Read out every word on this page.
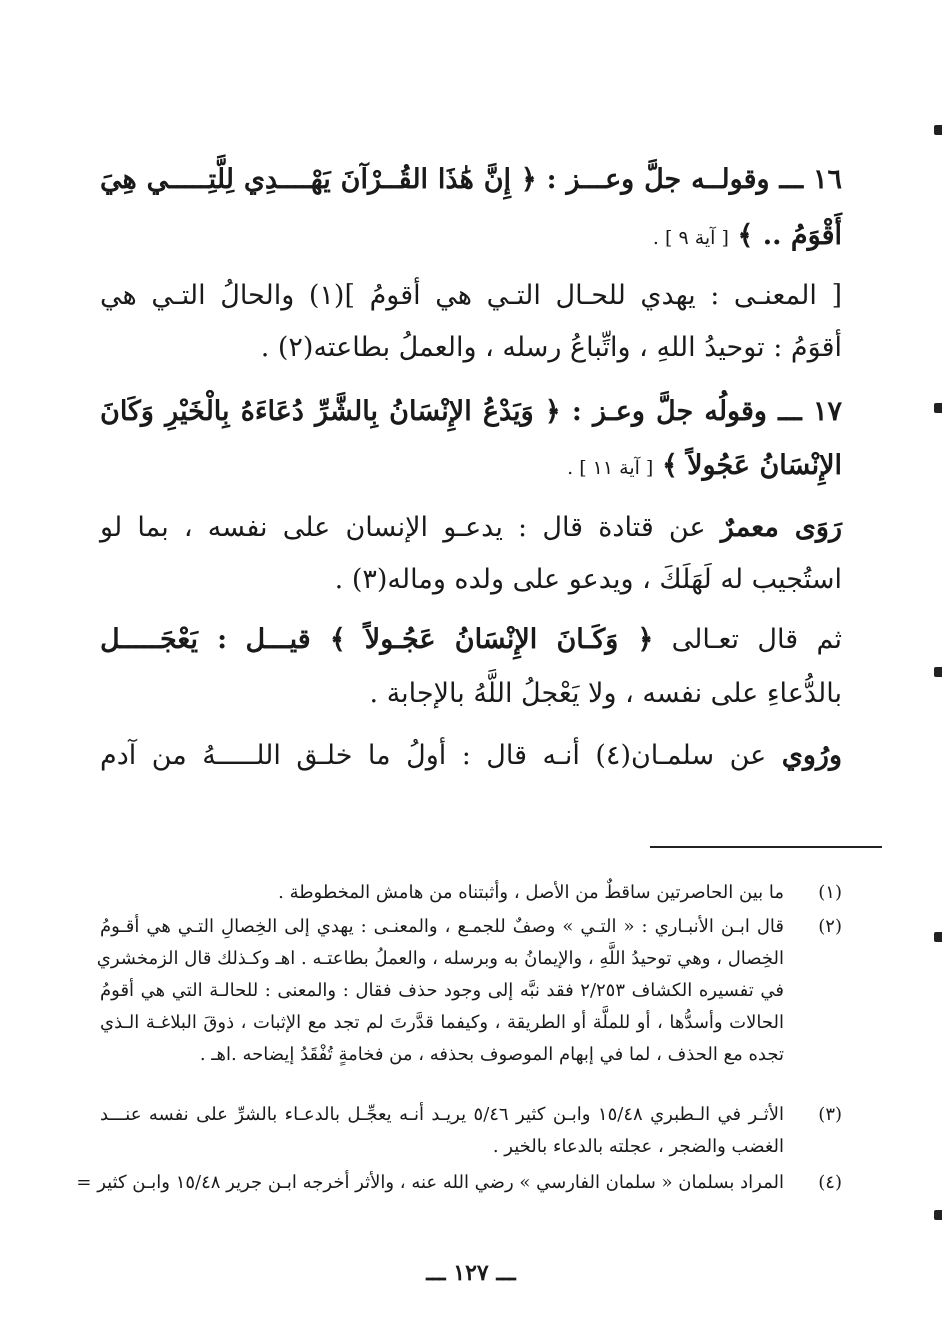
١٦ ـــ وقولــه جلَّ وعـــز : ﴿ إِنَّ هَٰذَا القُــرْآنَ يَهْــــدِي لِلَّتِـــــي هِيَ
أَقْوَمُ .. ﴾ [ آية ٩ ] .
[ المعنـى : يهدي للحـال التـي هي أقومُ ](١) والحالُ التـي هي
أقوَمُ : توحيدُ اللهِ ، واتِّباعُ رسله ، والعملُ بطاعته(٢) .
١٧ ـــ وقولُه جلَّ وعـز : ﴿ وَيَدْعُ الإِنْسَانُ بِالشَّرِّ دُعَاءَهُ بِالْخَيْرِ وَكَانَ
الإِنْسَانُ عَجُولاً ﴾ [ آية ١١ ] .
رَوَى معمرٌ عن قتادة قال : يدعـو الإنسان على نفسه ، بما لو
استُجيب له لَهَلَكَ ، ويدعو على ولده وماله(٣) .
ثم قال تعـالى ﴿ وَكَـانَ الإِنْسَانُ عَجُـولاً ﴾ قيـــل : يَعْجَـــــل
بالدُّعاءِ على نفسه ، ولا يَعْجلُ اللَّهُ بالإجابة .
ورُوي عن سلمـان(٤) أنـه قال : أولُ ما خلـق اللـــــهُ من آدم
(١)ما بين الحاصرتين ساقطٌ من الأصل ، وأثبتناه من هامش المخطوطة .
(٢)قال ابـن الأنبـاري : « التـي » وصفٌ للجمـع ، والمعنـى : يهدي إلى الخِصالِ التـي هي أقـومُ
الخِصال ، وهي توحيدُ اللَّهِ ، والإيمانُ به وبرسله ، والعملُ بطاعتـه . اهـ وكـذلك قال الزمخشري
في تفسيره الكشاف ٢/٢٥٣ فقد نبَّه إلى وجود حذف فقال : والمعنى : للحالـة التي هي أقومُ
الحالات وأسدُّها ، أو للملَّة أو الطريقة ، وكيفما قدَّرتَ لم تجد مع الإثبات ، ذوقَ البلاغـة الـذي
تجده مع الحذف ، لما في إبهام الموصوف بحذفه ، من فخامةٍ تُفْقَدُ إيضاحه .اهـ .
(٣)الأثـر في الـطبري ١٥/٤٨ وابـن كثير ٥/٤٦ يريـد أنـه يعجِّـل بالدعـاء بالشرِّ على نفسه عنـــد
الغضب والضجر ، عجلته بالدعاء بالخير .
(٤)المراد بسلمان « سلمان الفارسي » رضي الله عنه ، والأثر أخرجه ابـن جرير ١٥/٤٨ وابـن كثير =
ـــ ١٢٧ ـــ
